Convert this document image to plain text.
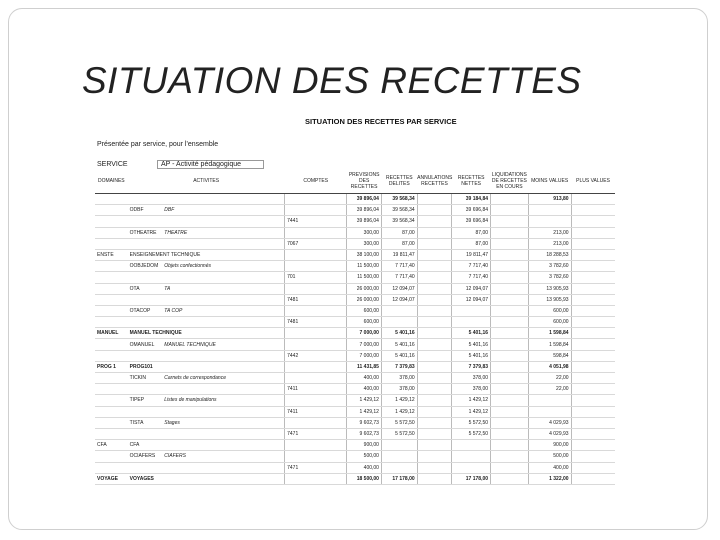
SITUATION DES RECETTES
SITUATION DES RECETTES PAR SERVICE
Présentée par service, pour l'ensemble
SERVICE	AP - Activité pédagogique
DOMAINES	ACTIVITES		COMPTES	PREVISIONS DES RECETTES	RECETTES DELITES	ANNULATIONS RECETTES	RECETTES NETTES	LIQUIDATIONS DE RECETTES EN COURS	MOINS VALUES	PLUS VALUES
				39 896,04	39 568,34		39 184,84		913,80	
	ODBF	DBF		39 896,04	39 568,34		39 696,84			
			7441	39 896,04	39 568,34		39 696,84			
	OTHEATRE	THEATRE		300,00	87,00		87,00		213,00	
			7067	300,00	87,00		87,00		213,00	
ENSTE	ENSEIGNEMENT TECHNIQUE			38 100,00	19 811,47		19 811,47		18 288,53	
	OOBJEDOM	Objets confectionnés		11 500,00	7 717,40		7 717,40		3 782,60	
			701	11 500,00	7 717,40		7 717,40		3 782,60	
	OTA	TA		26 000,00	12 094,07		12 094,07		13 905,93	
			7481	26 000,00	12 094,07		12 094,07		13 905,93	
	OTACOP	TA COP		600,00					600,00	
			7481	600,00					600,00	
MANUEL	MANUEL TECHNIQUE			7 000,00	5 401,16		5 401,16		1 598,84	
	OMANUEL	MANUEL TECHNIQUE		7 000,00	5 401,16		5 401,16		1 598,84	
			7442	7 000,00	5 401,16		5 401,16		598,84	
PROG 1	PROG101			11 431,85	7 379,83		7 379,83		4 051,98	
	TICKIN	Carnets de correspondance		400,00	378,00		378,00		22,00	
			7411	400,00	378,00		378,00		22,00	
	TIPEP	Listes de manipulations		1 429,12	1 429,12		1 429,12			
			7411	1 429,12	1 429,12		1 429,12			
	TISTA	Stages		9 602,73	5 572,50		5 572,50		4 029,93	
			7471	9 602,73	5 572,50		5 572,50		4 029,93	
CFA	CFA			900,00					900,00	
	OCIAFERS	CIAFERS		500,00					500,00	
			7471	400,00					400,00	
VOYAGE	VOYAGES			18 500,00	17 178,00		17 178,00		1 322,00	
